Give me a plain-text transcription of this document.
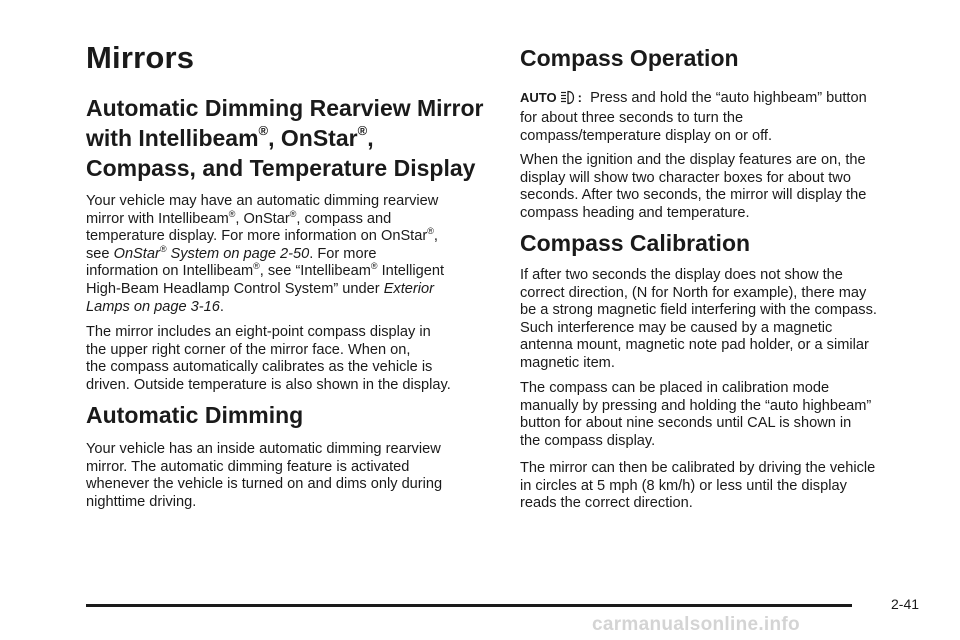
Mirrors
Automatic Dimming Rearview Mirror
with Intellibeam®, OnStar®,
Compass, and Temperature Display
Your vehicle may have an automatic dimming rearview
mirror with Intellibeam®, OnStar®, compass and
temperature display. For more information on OnStar®,
see OnStar® System on page 2-50. For more
information on Intellibeam®, see “Intellibeam® Intelligent
High-Beam Headlamp Control System” under Exterior
Lamps on page 3-16.
The mirror includes an eight-point compass display in
the upper right corner of the mirror face. When on,
the compass automatically calibrates as the vehicle is
driven. Outside temperature is also shown in the display.
Automatic Dimming
Your vehicle has an inside automatic dimming rearview
mirror. The automatic dimming feature is activated
whenever the vehicle is turned on and dims only during
nighttime driving.
Compass Operation
AUTO : Press and hold the “auto highbeam” button
for about three seconds to turn the
compass/temperature display on or off.
When the ignition and the display features are on, the
display will show two character boxes for about two
seconds. After two seconds, the mirror will display the
compass heading and temperature.
Compass Calibration
If after two seconds the display does not show the
correct direction, (N for North for example), there may
be a strong magnetic field interfering with the compass.
Such interference may be caused by a magnetic
antenna mount, magnetic note pad holder, or a similar
magnetic item.
The compass can be placed in calibration mode
manually by pressing and holding the “auto highbeam”
button for about nine seconds until CAL is shown in
the compass display.
The mirror can then be calibrated by driving the vehicle
in circles at 5 mph (8 km/h) or less until the display
reads the correct direction.
2-41
carmanualsonline.info
